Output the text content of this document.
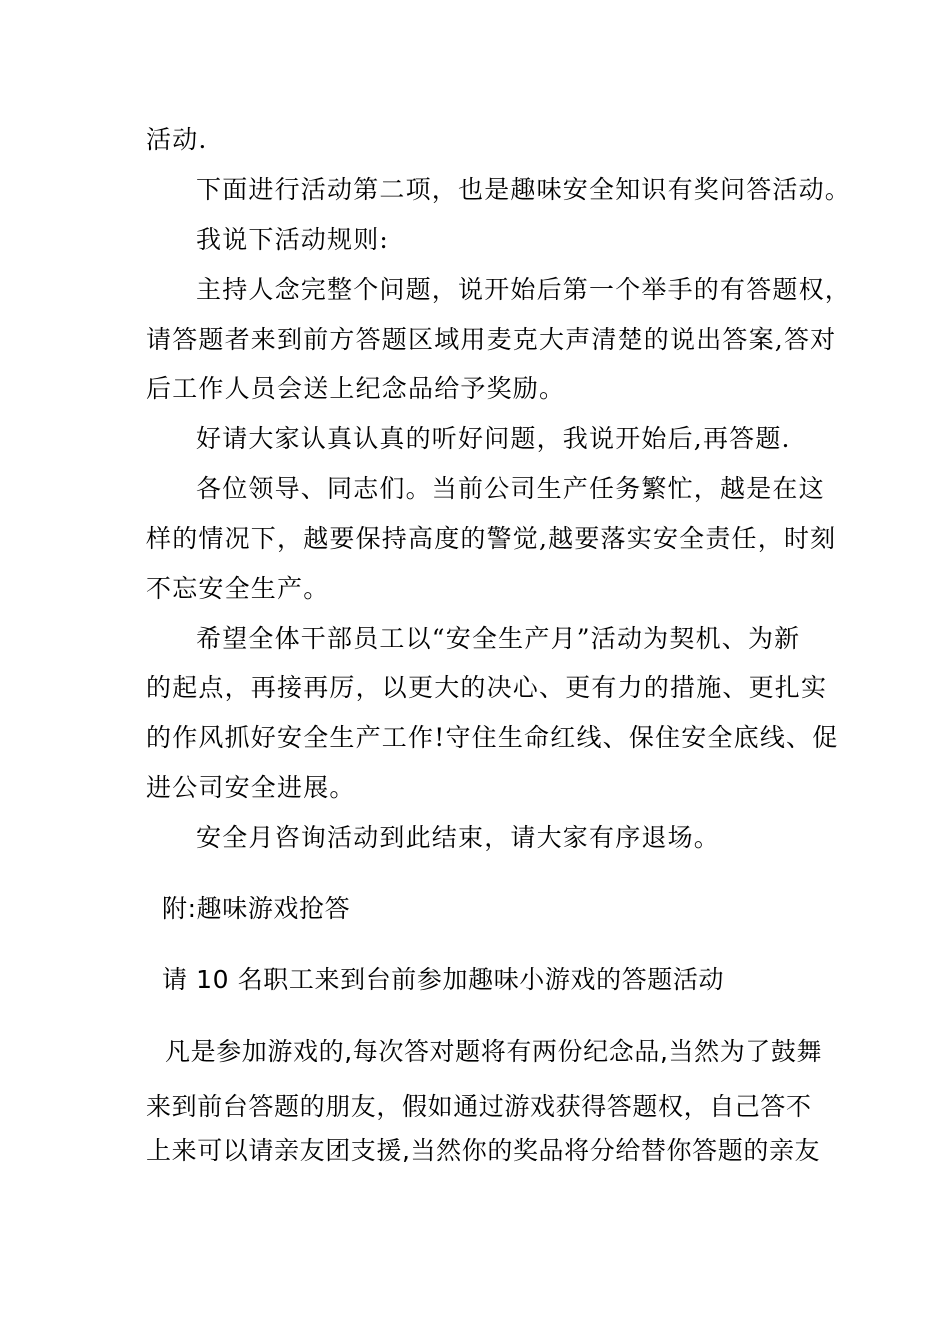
活动.
下面进行活动第二项，也是趣味安全知识有奖问答活动。
我说下活动规则:
主持人念完整个问题，说开始后第一个举手的有答题权，
请答题者来到前方答题区域用麦克大声清楚的说出答案,答对
后工作人员会送上纪念品给予奖励。
好请大家认真认真的听好问题，我说开始后,再答题.
各位领导、同志们。当前公司生产任务繁忙，越是在这
样的情况下，越要保持高度的警觉,越要落实安全责任，时刻
不忘安全生产。
希望全体干部员工以“安全生产月”活动为契机、为新
的起点，再接再厉，以更大的决心、更有力的措施、更扎实
的作风抓好安全生产工作!守住生命红线、保住安全底线、促
进公司安全进展。
安全月咨询活动到此结束，请大家有序退场。
附:趣味游戏抢答
请 10 名职工来到台前参加趣味小游戏的答题活动
凡是参加游戏的,每次答对题将有两份纪念品,当然为了鼓舞
来到前台答题的朋友，假如通过游戏获得答题权，自己答不
上来可以请亲友团支援,当然你的奖品将分给替你答题的亲友
